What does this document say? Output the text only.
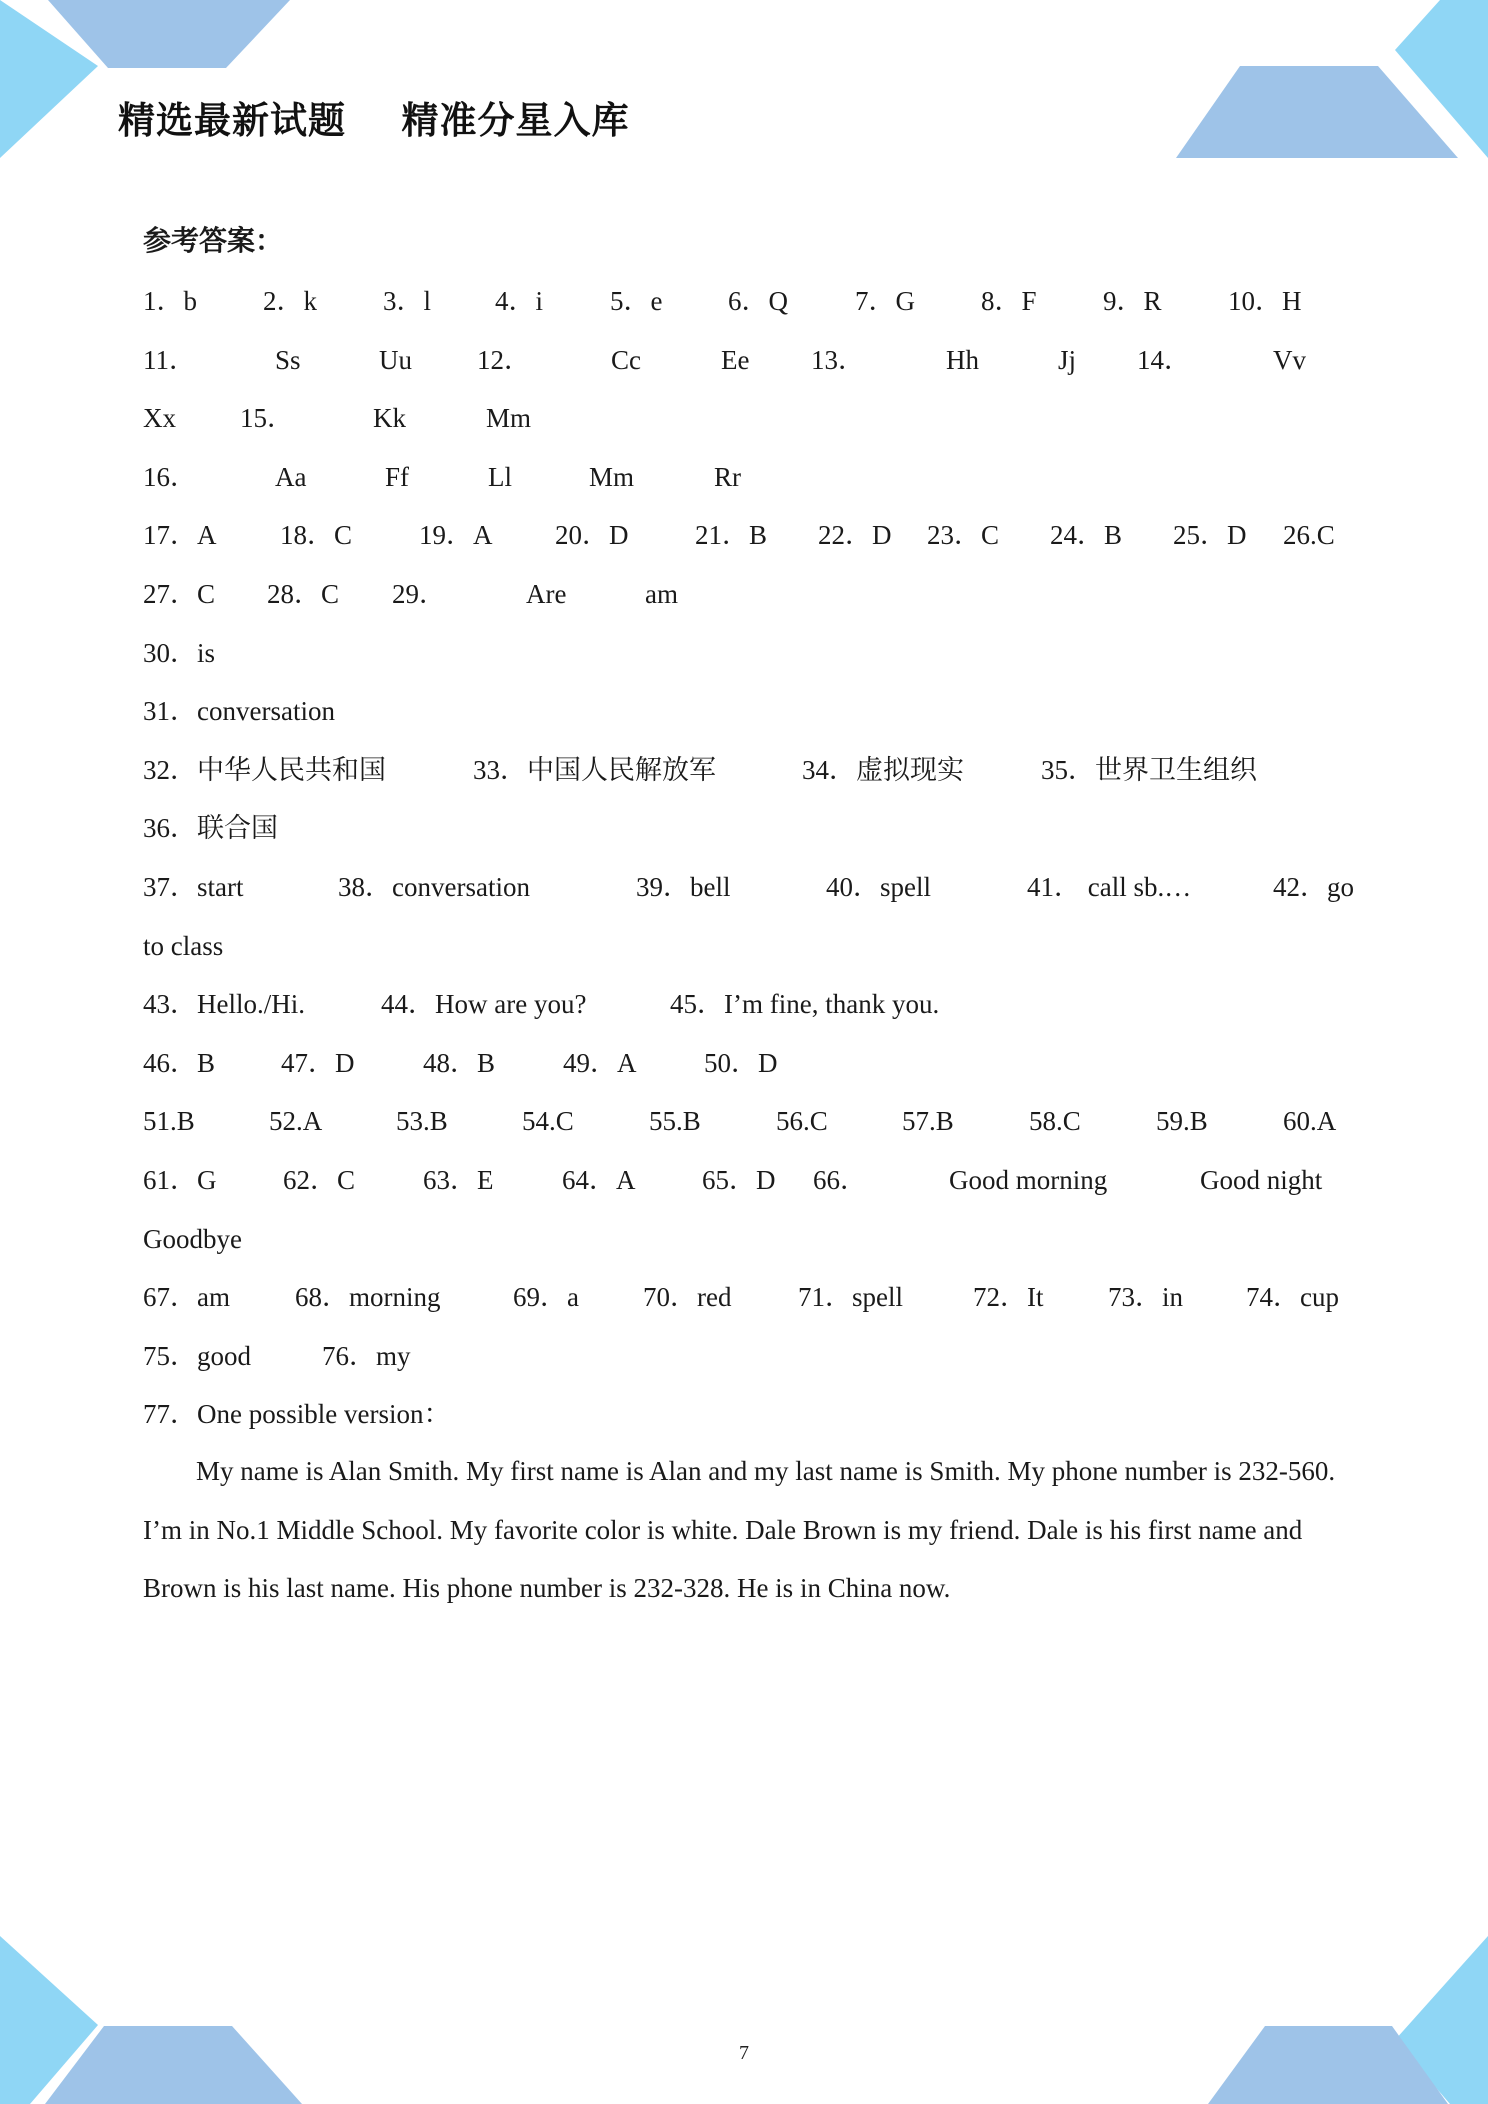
精选最新试题    精准分星入库
参考答案：
1．b 2．k 3．l 4．i 5．e 6．Q 7．G 8．F 9．R 10．H
11．	Ss	Uu 12．	Cc	Ee 13．	Hh	Jj 14．	Vv
Xx 15．	Kk	Mm
16．	Aa	Ff	Ll	Mm	Rr
17．A 18．C 19．A 20．D 21．B 22．D 23．C 24．B 25．D 26.C
27．C 28．C 29．	Are	am
30．is
31．conversation
32．中华人民共和国	33．中国人民解放军	34．虚拟现实	35．世界卫生组织
36．联合国
37．start	38．conversation	39．bell	40．spell	41． call sb.…	42．go
to class
43．Hello./Hi.	44．How are you?	45．I’m fine, thank you.
46．B 47．D	48．B	49．A	50．D
51.B	52.A	53.B	54.C	55.B	56.C	57.B	58.C	59.B	60.A
61．G 62．C	63．E	64．A 65．D 66．	Good morning	Good night
Goodbye
67．am 68．morning	69．a 70．red 71．spell	72．It 73．in 74．cup
75．good	76．my
77．One possible version：
My name is Alan Smith. My first name is Alan and my last name is Smith. My phone number is 232-560. I’m in No.1 Middle School. My favorite color is white. Dale Brown is my friend. Dale is his first name and Brown is his last name. His phone number is 232-328. He is in China now.
7
